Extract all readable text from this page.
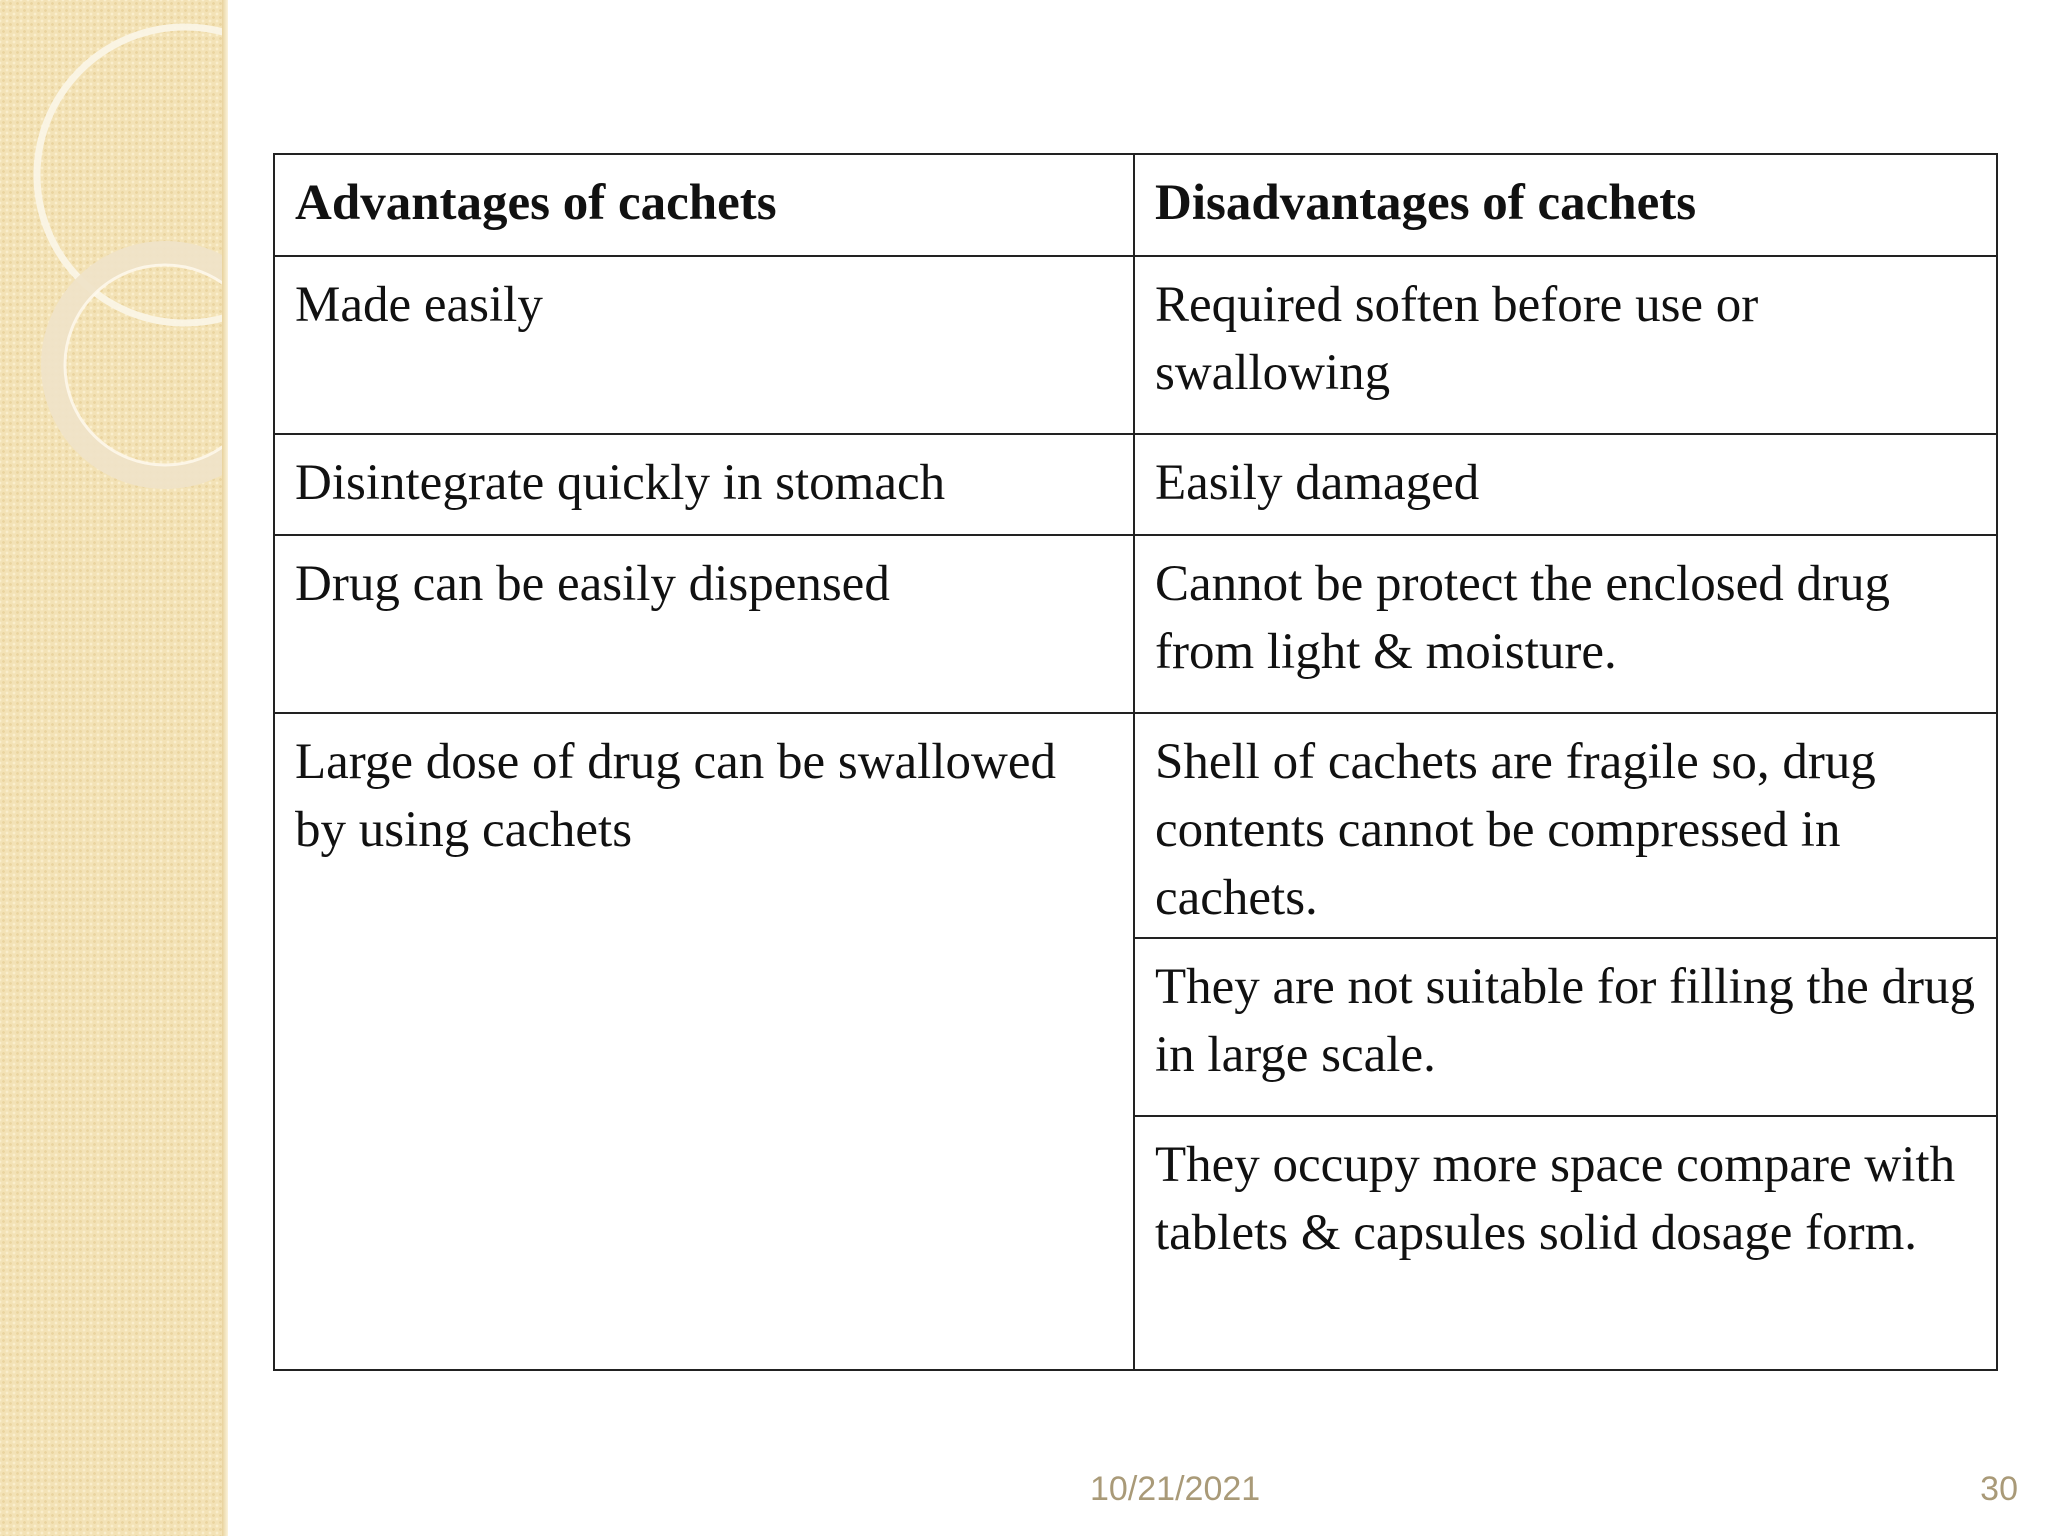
Advantages of cachets	Disadvantages of cachets
Made easily	Required soften before use or swallowing
Disintegrate quickly in stomach	Easily damaged
Drug can be easily dispensed	Cannot be protect the enclosed drug from light & moisture.
Large dose of drug can be swallowed by using cachets	Shell of cachets are fragile so, drug contents cannot be compressed in cachets.
	They are not suitable for filling the drug in large scale.
	They occupy more space compare with tablets & capsules solid dosage form.
10/21/2021	30
